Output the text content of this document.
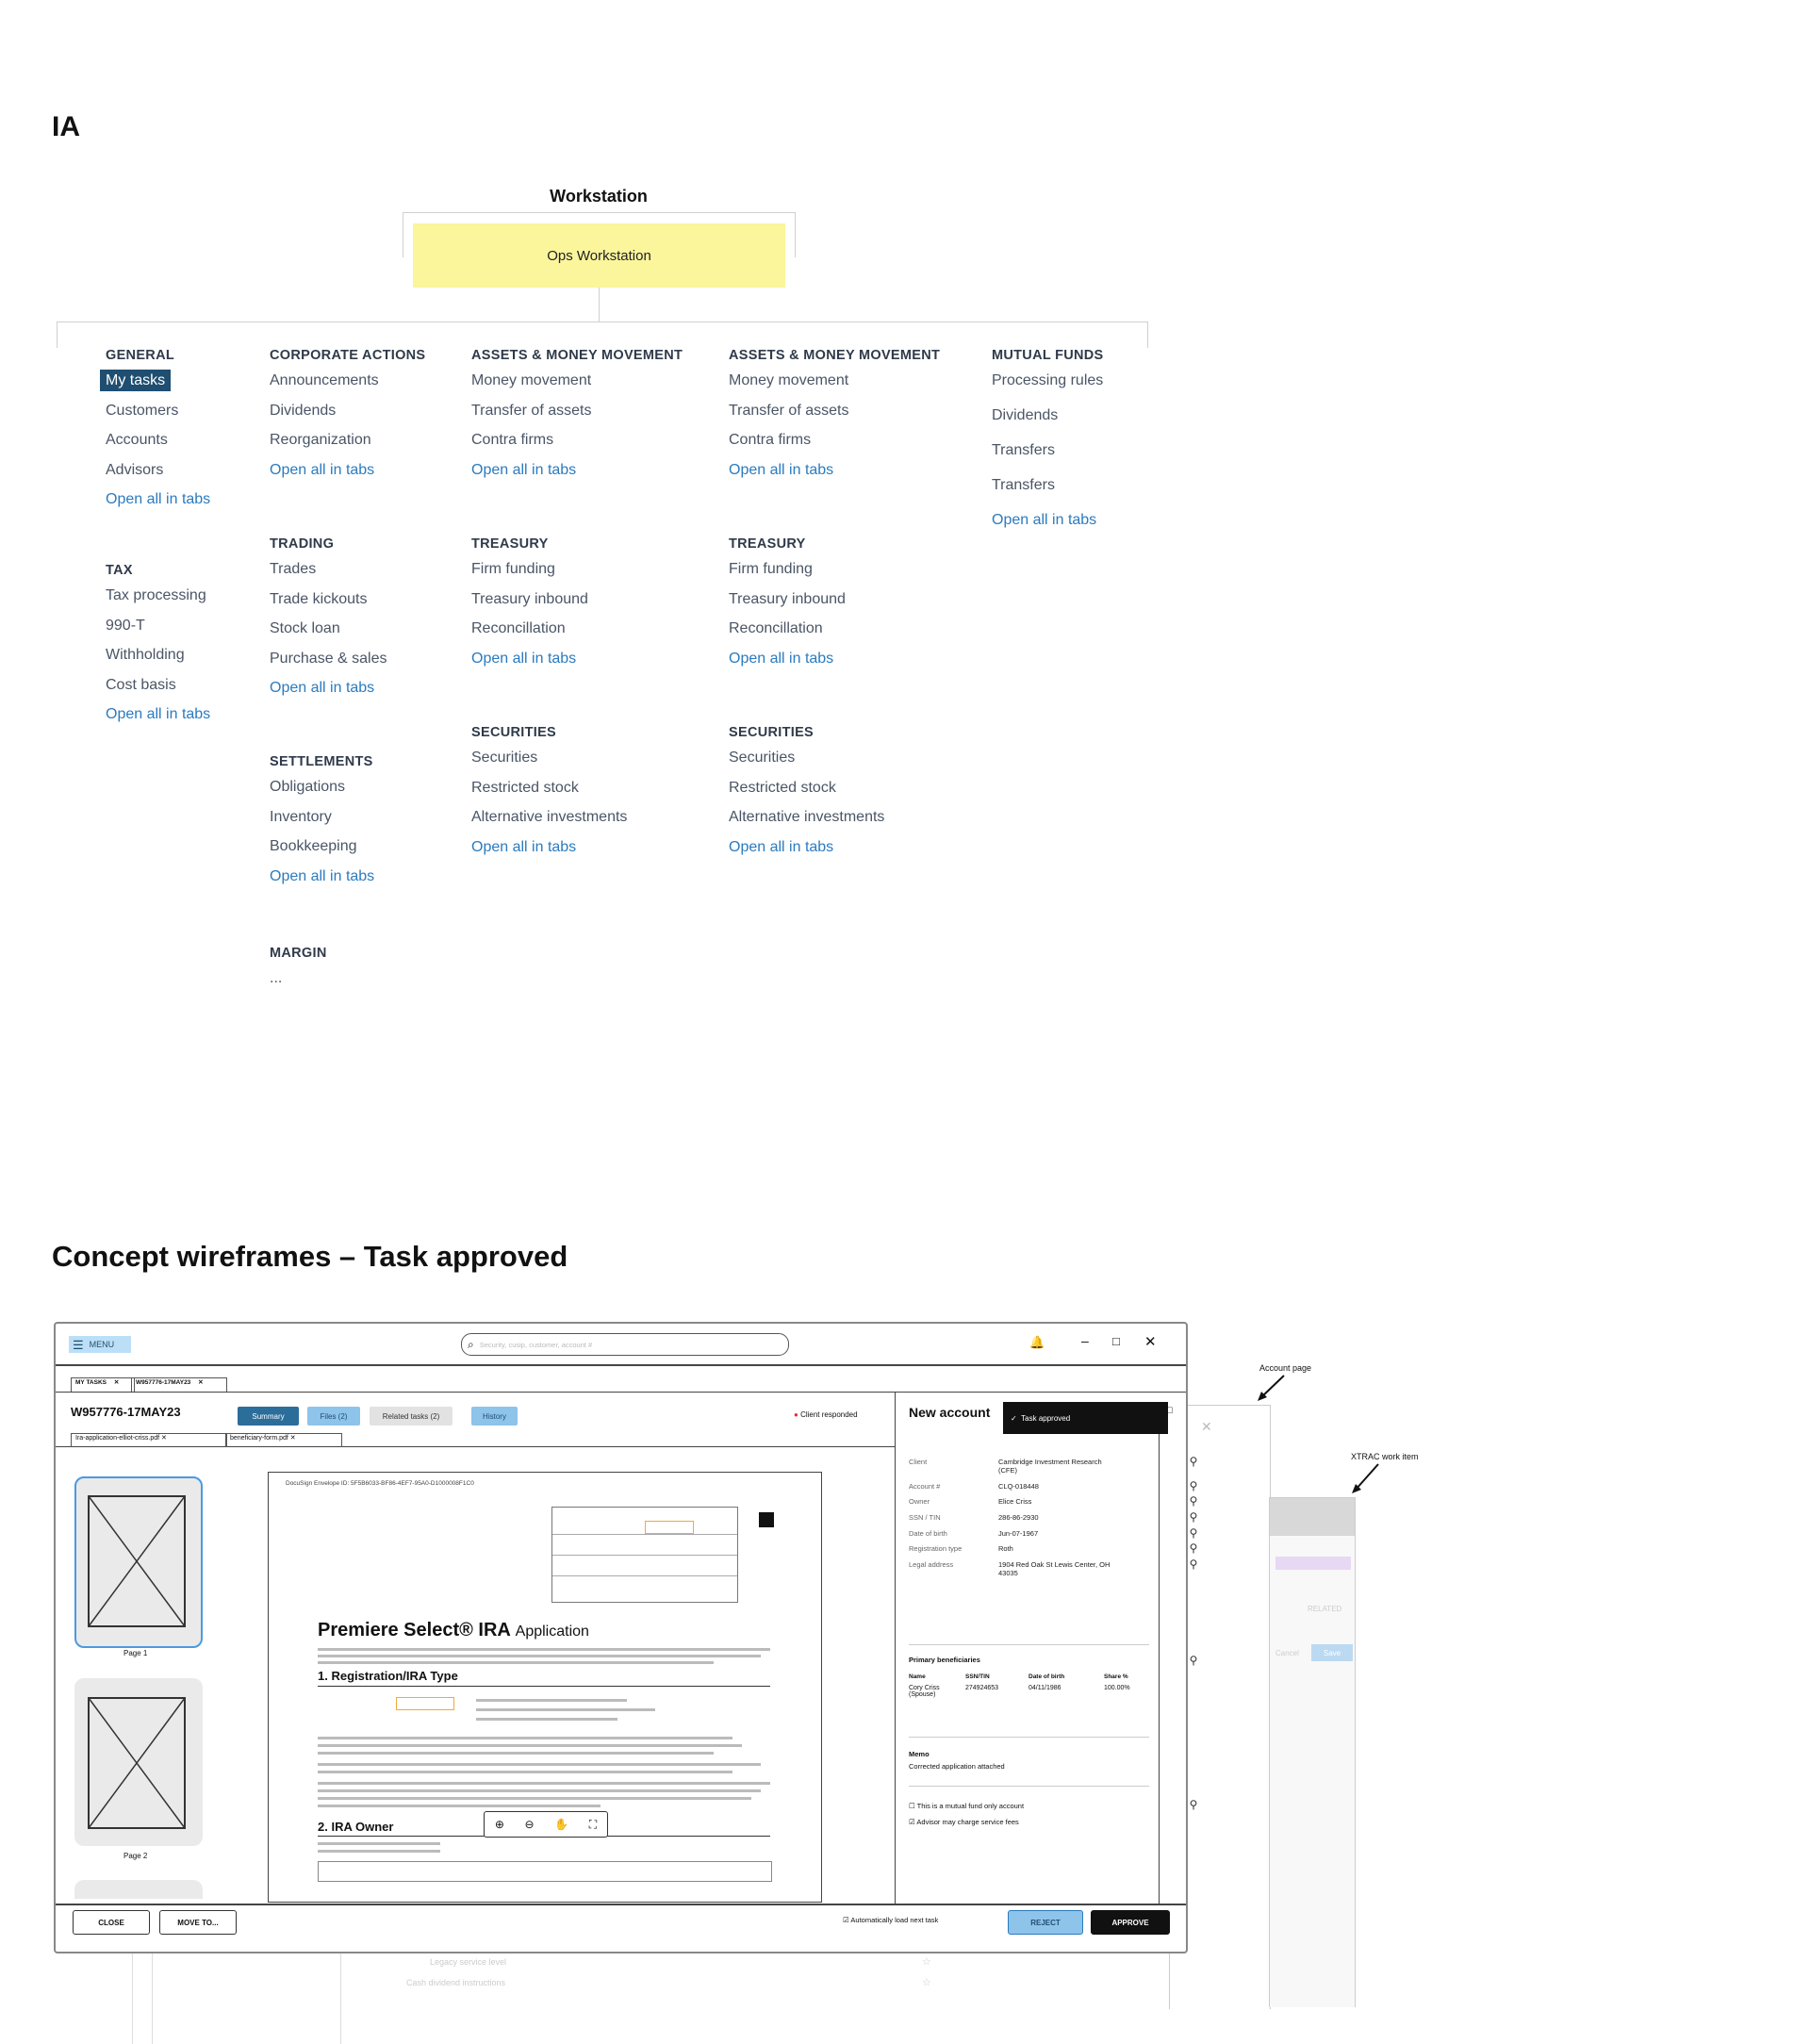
IA
Workstation
Ops Workstation
GENERAL
My tasks
Customers
Accounts
Advisors
Open all in tabs
TAX
Tax processing
990-T
Withholding
Cost basis
Open all in tabs
CORPORATE ACTIONS
Announcements
Dividends
Reorganization
Open all in tabs
TRADING
Trades
Trade kickouts
Stock loan
Purchase & sales
Open all in tabs
SETTLEMENTS
Obligations
Inventory
Bookkeeping
Open all in tabs
MARGIN
...
ASSETS & MONEY MOVEMENT
Money movement
Transfer of assets
Contra firms
Open all in tabs
TREASURY
Firm funding
Treasury inbound
Reconcillation
Open all in tabs
SECURITIES
Securities
Restricted stock
Alternative investments
Open all in tabs
ASSETS & MONEY MOVEMENT
Money movement
Transfer of assets
Contra firms
Open all in tabs
TREASURY
Firm funding
Treasury inbound
Reconcillation
Open all in tabs
SECURITIES
Securities
Restricted stock
Alternative investments
Open all in tabs
MUTUAL FUNDS
Processing rules
Dividends
Transfers
Transfers
Open all in tabs
Concept wireframes – Task approved
✕
RELATED
Cancel	Save
Legacy service level
Cash dividend instructions
☆
☆
☰ MENU	⌕ Security, cusip, customer, account #	🔔	– □ ✕
MY TASKS ✕	W957776-17MAY23 ✕
W957776-17MAY23	Summary	Files (2)	Related tasks (2)	History	● Client responded
Ira-application-elliot-criss.pdf ✕	beneficiary-form.pdf ✕
Page 1
Page 2
DocuSign Envelope ID: 5F5B6033-BF86-4EF7-95A0-D1000008F1C0
Premiere Select® IRA Application
1. Registration/IRA Type
2. IRA Owner	⊕ ⊖ ✋ ⛶
New account	✓
Task approved
□
Client	Cambridge Investment Research (CFE)
⚲
Account #	CLQ-018448	⚲
Owner	Elice Criss	⚲
SSN / TIN	286-86-2930	⚲
Date of birth	Jun-07-1967	⚲
Registration type	Roth	⚲
Legal address	1904 Red Oak St Lewis Center, OH 43035
⚲
Primary beneficiaries	⚲
Name	SSN/TIN	Date of birth	Share %
Cory Criss (Spouse)
274924653	04/11/1986	100.00%
Memo
Corrected application attached
☐ This is a mutual fund only account	⚲
☑ Advisor may charge service fees
CLOSE	MOVE TO...	☑ Automatically load next task	REJECT	APPROVE
Account page
XTRAC work item
